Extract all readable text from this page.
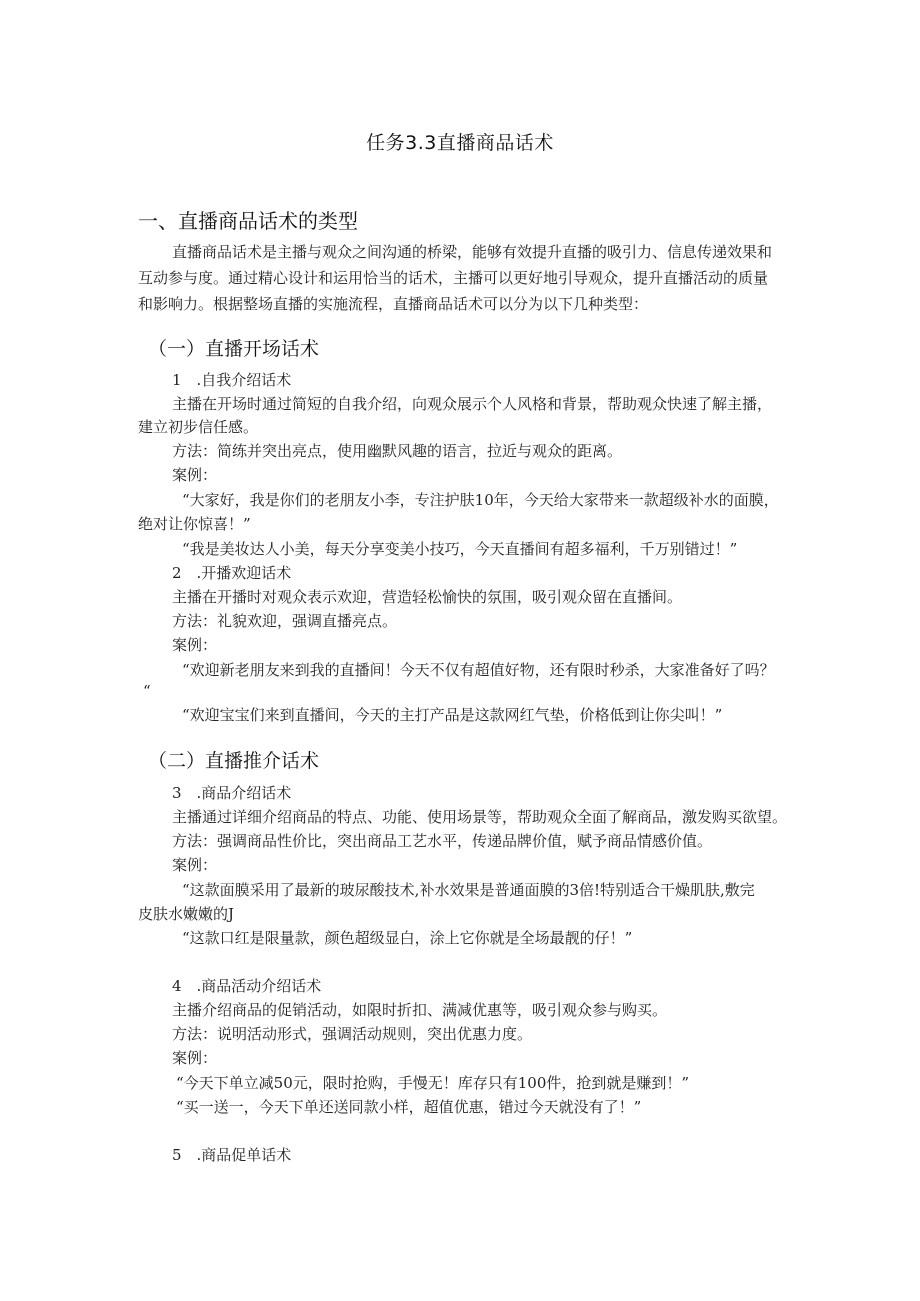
任务3.3直播商品话术
一、直播商品话术的类型
直播商品话术是主播与观众之间沟通的桥梁，能够有效提升直播的吸引力、信息传递效果和
互动参与度。通过精心设计和运用恰当的话术，主播可以更好地引导观众，提升直播活动的质量
和影响力。根据整场直播的实施流程，直播商品话术可以分为以下几种类型：
（一）直播开场话术
1　.自我介绍话术
主播在开场时通过简短的自我介绍，向观众展示个人风格和背景，帮助观众快速了解主播，
建立初步信任感。
方法：简练并突出亮点，使用幽默风趣的语言，拉近与观众的距离。
案例：
“大家好，我是你们的老朋友小李，专注护肤10年，今天给大家带来一款超级补水的面膜，
绝对让你惊喜！”
“我是美妆达人小美，每天分享变美小技巧，今天直播间有超多福利，千万别错过！”
2　.开播欢迎话术
主播在开播时对观众表示欢迎，营造轻松愉快的氛围，吸引观众留在直播间。
方法：礼貌欢迎，强调直播亮点。
案例：
“欢迎新老朋友来到我的直播间！今天不仅有超值好物，还有限时秒杀，大家准备好了吗？
“
“欢迎宝宝们来到直播间，今天的主打产品是这款网红气垫，价格低到让你尖叫！”
（二）直播推介话术
3　.商品介绍话术
主播通过详细介绍商品的特点、功能、使用场景等，帮助观众全面了解商品，激发购买欲望。
方法：强调商品性价比，突出商品工艺水平，传递品牌价值，赋予商品情感价值。
案例：
“这款面膜采用了最新的玻尿酸技术,补水效果是普通面膜的3倍!特别适合干燥肌肤,敷完
皮肤水嫩嫩的J
“这款口红是限量款，颜色超级显白，涂上它你就是全场最靓的仔！”
4　.商品活动介绍话术
主播介绍商品的促销活动，如限时折扣、满减优惠等，吸引观众参与购买。
方法：说明活动形式，强调活动规则，突出优惠力度。
案例：
“今天下单立减50元，限时抢购，手慢无！库存只有100件，抢到就是赚到！”
“买一送一，今天下单还送同款小样，超值优惠，错过今天就没有了！”
5　.商品促单话术
